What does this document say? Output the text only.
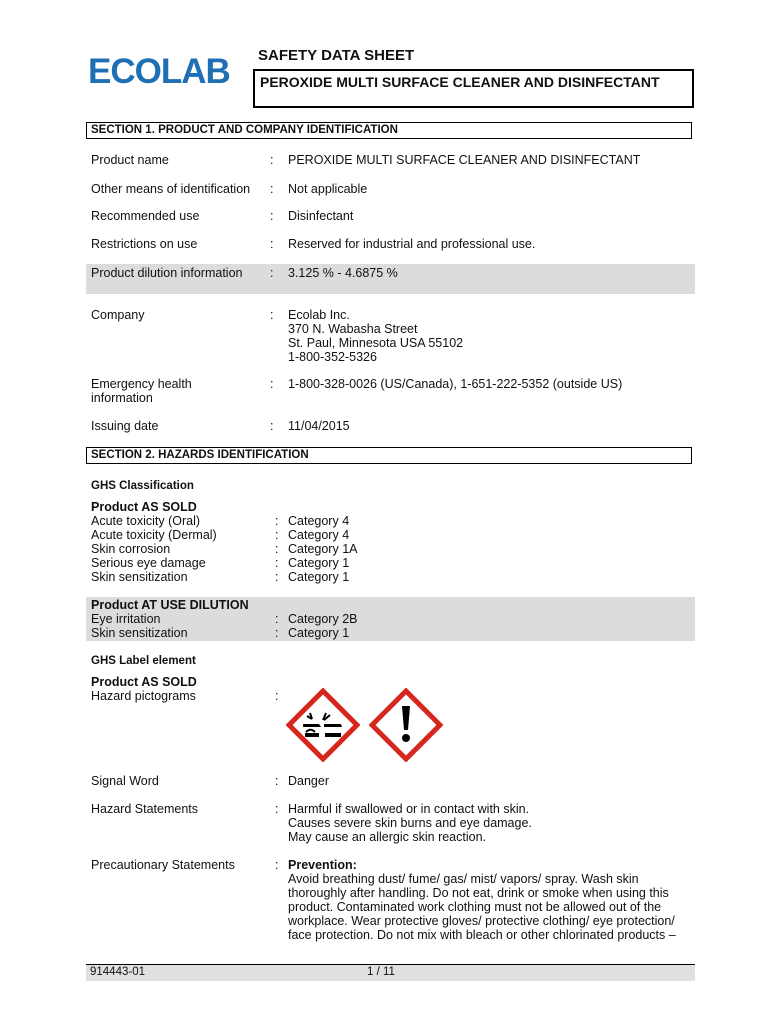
ECOLAB SAFETY DATA SHEET
PEROXIDE MULTI SURFACE CLEANER AND DISINFECTANT
SECTION 1. PRODUCT AND COMPANY IDENTIFICATION
Product name	: PEROXIDE MULTI SURFACE CLEANER AND DISINFECTANT
Other means of identification : Not applicable
Recommended use	: Disinfectant
Restrictions on use	: Reserved for industrial and professional use.
Product dilution information : 3.125 % - 4.6875 %
Company	: Ecolab Inc.
370 N. Wabasha Street
St. Paul, Minnesota USA 55102
1-800-352-5326
Emergency health
information
: 1-800-328-0026 (US/Canada), 1-651-222-5352 (outside US)
Issuing date	: 11/04/2015
SECTION 2. HAZARDS IDENTIFICATION
GHS Classification
Product AS SOLD
Acute toxicity (Oral)	: Category 4
Acute toxicity (Dermal)	: Category 4
Skin corrosion	: Category 1A
Serious eye damage	: Category 1
Skin sensitization	: Category 1
Product AT USE DILUTION
Eye irritation	: Category 2B
Skin sensitization	: Category 1
GHS Label element
Product AS SOLD
Hazard pictograms	:
Signal Word	: Danger
Hazard Statements	: Harmful if swallowed or in contact with skin.
Causes severe skin burns and eye damage.
May cause an allergic skin reaction.
Precautionary Statements	: Prevention:
Avoid breathing dust/ fume/ gas/ mist/ vapors/ spray. Wash skin
thoroughly after handling. Do not eat, drink or smoke when using this
product. Contaminated work clothing must not be allowed out of the
workplace. Wear protective gloves/ protective clothing/ eye protection/
face protection. Do not mix with bleach or other chlorinated products –
914443-01	1 / 11
